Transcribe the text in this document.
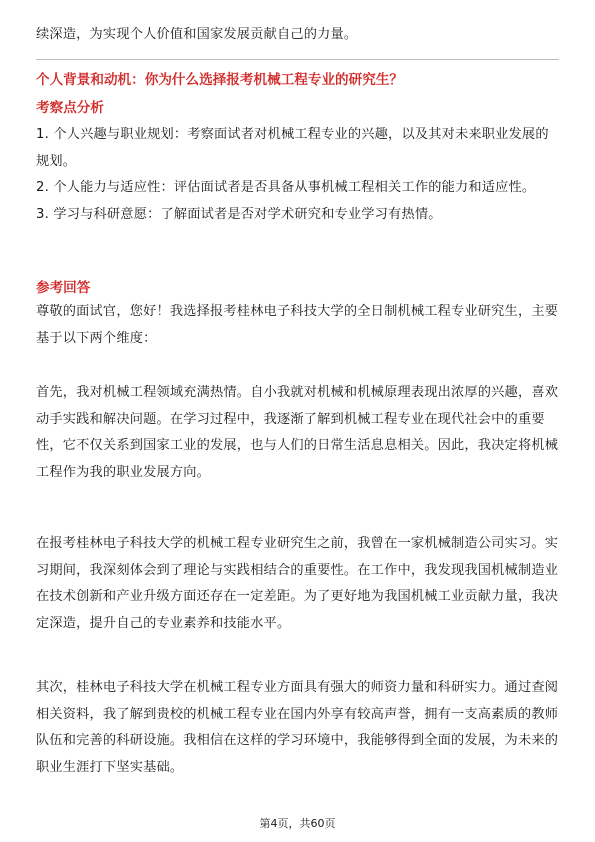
续深造，为实现个人价值和国家发展贡献自己的力量。

个人背景和动机：你为什么选择报考机械工程专业的研究生？
考察点分析

1. 个人兴趣与职业规划：考察面试者对机械工程专业的兴趣，以及其对未来职业发展的规划。

2. 个人能力与适应性：评估面试者是否具备从事机械工程相关工作的能力和适应性。

3. 学习与科研意愿：了解面试者是否对学术研究和专业学习有热情。

参考回答

尊敬的面试官，您好！我选择报考桂林电子科技大学的全日制机械工程专业研究生，主要基于以下两个维度：

首先，我对机械工程领域充满热情。自小我就对机械和机械原理表现出浓厚的兴趣，喜欢动手实践和解决问题。在学习过程中，我逐渐了解到机械工程专业在现代社会中的重要性，它不仅关系到国家工业的发展，也与人们的日常生活息息相关。因此，我决定将机械工程作为我的职业发展方向。

在报考桂林电子科技大学的机械工程专业研究生之前，我曾在一家机械制造公司实习。实习期间，我深刻体会到了理论与实践相结合的重要性。在工作中，我发现我国机械制造业在技术创新和产业升级方面还存在一定差距。为了更好地为我国机械工业贡献力量，我决定深造，提升自己的专业素养和技能水平。

其次，桂林电子科技大学在机械工程专业方面具有强大的师资力量和科研实力。通过查阅相关资料，我了解到贵校的机械工程专业在国内外享有较高声誉，拥有一支高素质的教师队伍和完善的科研设施。我相信在这样的学习环境中，我能够得到全面的发展，为未来的职业生涯打下坚实基础。

第4页，共60页
